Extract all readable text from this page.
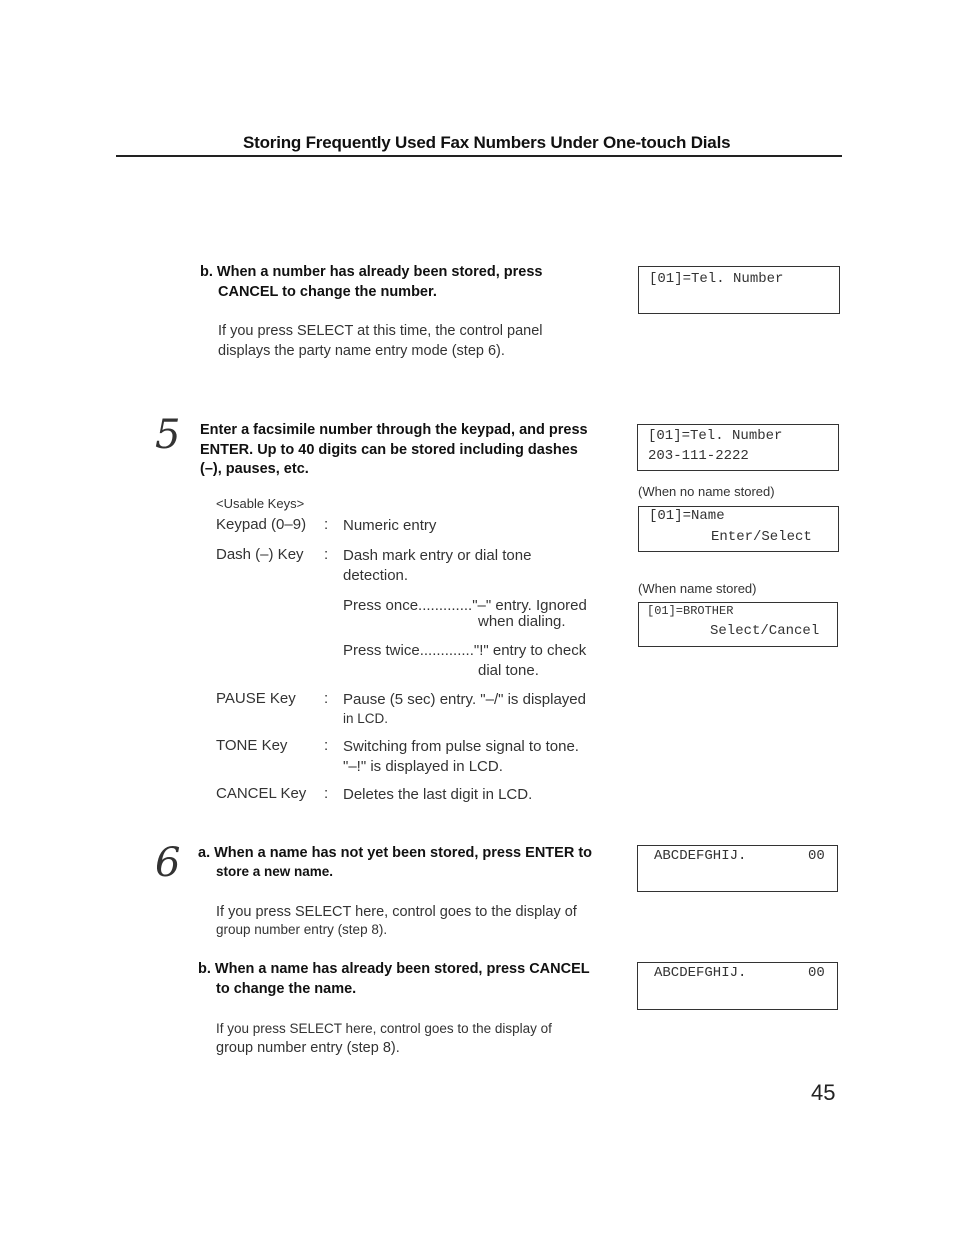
Storing Frequently Used Fax Numbers Under One-touch Dials
b. When a number has already been stored, press
CANCEL to change the number.
If you press SELECT at this time, the control panel
displays the party name entry mode (step 6).
[01]=Tel. Number
5 Enter a facsimile number through the keypad, and press
ENTER. Up to 40 digits can be stored including dashes
(–), pauses, etc.
<Usable Keys>
Keypad (0–9) : Numeric entry
Dash (–) Key : Dash mark entry or dial tone
detection.
Press once............."–" entry. Ignored
when dialing.
Press twice............."!" entry to check
dial tone.
PAUSE Key : Pause (5 sec) entry. "–/" is displayed
in LCD.
TONE Key : Switching from pulse signal to tone.
"–!" is displayed in LCD.
CANCEL Key : Deletes the last digit in LCD.
[01]=Tel. Number
203-111-2222
(When no name stored)
[01]=Name
Enter/Select
(When name stored)
[01]=BROTHER
Select/Cancel
6 a. When a name has not yet been stored, press ENTER to
store a new name.
If you press SELECT here, control goes to the display of
group number entry (step 8).
b. When a name has already been stored, press CANCEL
to change the name.
If you press SELECT here, control goes to the display of
group number entry (step 8).
ABCDEFGHIJ.	00
ABCDEFGHIJ.	00
45
